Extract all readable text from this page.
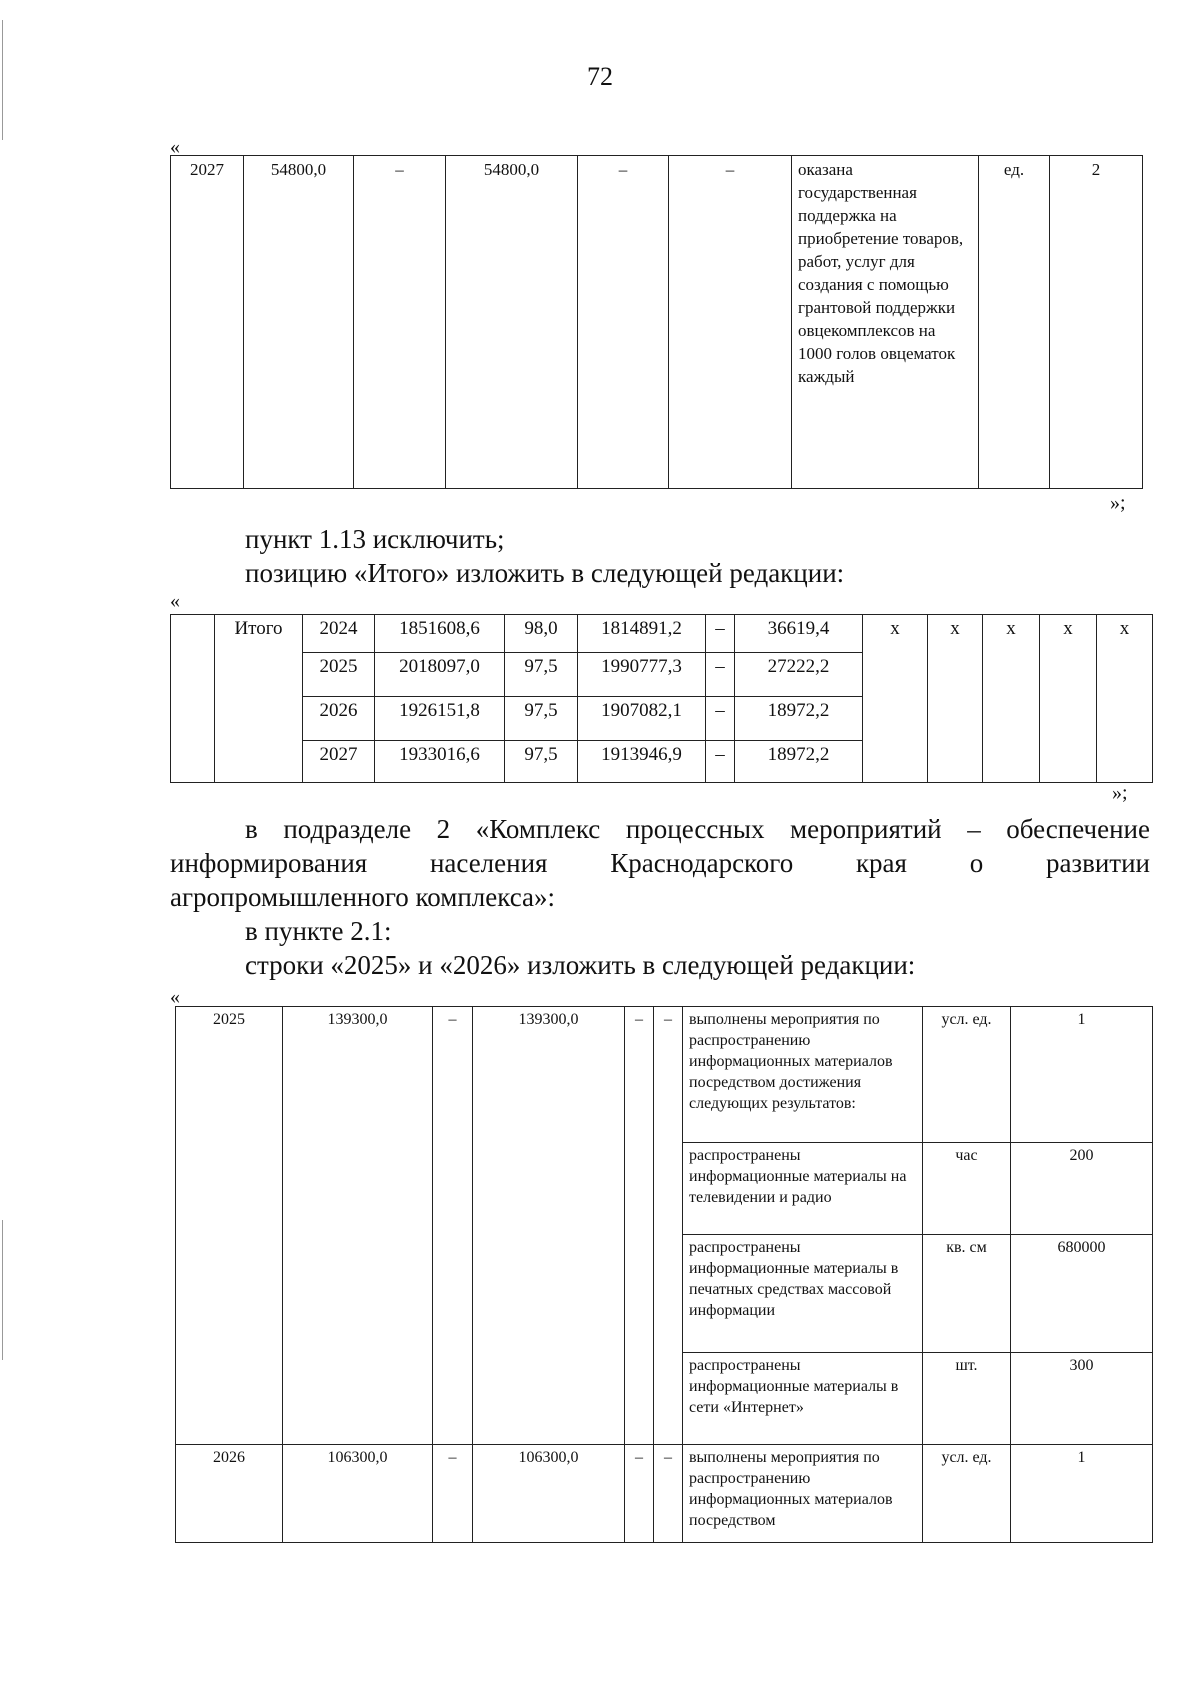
72
«
2027	54800,0	–	54800,0	–	–	оказана государственная поддержка на приобретение товаров, работ, услуг для создания с помощью грантовой поддержки овцекомплексов на 1000 голов овцематок каждый	ед.	2
»;
пункт 1.13 исключить;
позицию «Итого» изложить в следующей редакции:
«
	Итого	2024	1851608,6	98,0	1814891,2	–	36619,4	х	х	х	х	х
		2025	2018097,0	97,5	1990777,3	–	27222,2					
		2026	1926151,8	97,5	1907082,1	–	18972,2					
		2027	1933016,6	97,5	1913946,9	–	18972,2					
»;
в подразделе 2 «Комплекс процессных мероприятий – обеспечение
информирования населения Краснодарского края о развитии
агропромышленного комплекса»:
в пункте 2.1:
строки «2025» и «2026» изложить в следующей редакции:
«
2025	139300,0	–	139300,0	–	–	выполнены мероприятия по распространению информационных материалов посредством достижения следующих результатов:	усл. ед.	1
						распространены информационные материалы на телевидении и радио	час	200
						распространены информационные материалы в печатных средствах массовой информации	кв. см	680000
						распространены информационные материалы в сети «Интернет»	шт.	300
2026	106300,0	–	106300,0	–	–	выполнены мероприятия по распространению информационных материалов посредством	усл. ед.	1
